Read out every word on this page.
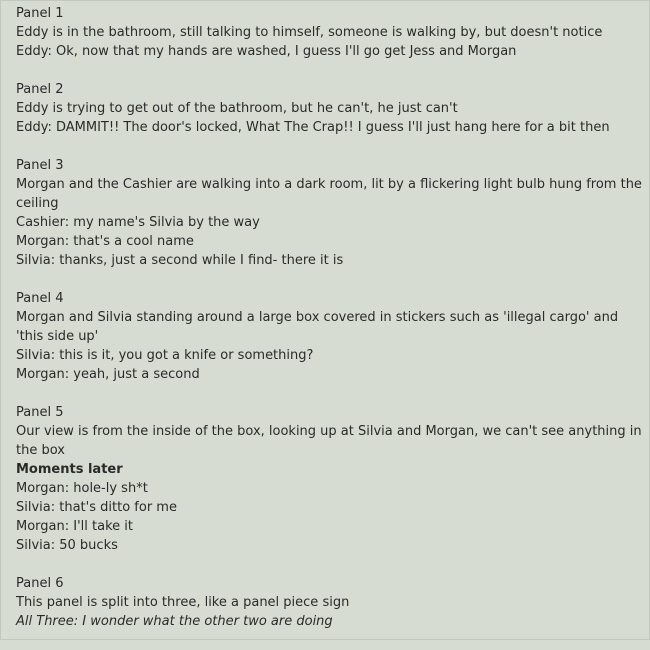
Panel 1
Eddy is in the bathroom, still talking to himself, someone is walking by, but doesn't notice
Eddy: Ok, now that my hands are washed, I guess I'll go get Jess and Morgan
Panel 2
Eddy is trying to get out of the bathroom, but he can't, he just can't
Eddy: DAMMIT!! The door's locked, What The Crap!! I guess I'll just hang here for a bit then
Panel 3
Morgan and the Cashier are walking into a dark room, lit by a flickering light bulb hung from the ceiling
Cashier: my name's Silvia by the way
Morgan: that's a cool name
Silvia: thanks, just a second while I find- there it is
Panel 4
Morgan and Silvia standing around a large box covered in stickers such as 'illegal cargo' and 'this side up'
Silvia: this is it, you got a knife or something?
Morgan: yeah, just a second
Panel 5
Our view is from the inside of the box, looking up at Silvia and Morgan, we can't see anything in the box
Moments later
Morgan: hole-ly sh*t
Silvia: that's ditto for me
Morgan: I'll take it
Silvia: 50 bucks
Panel 6
This panel is split into three, like a panel piece sign
All Three: I wonder what the other two are doing
